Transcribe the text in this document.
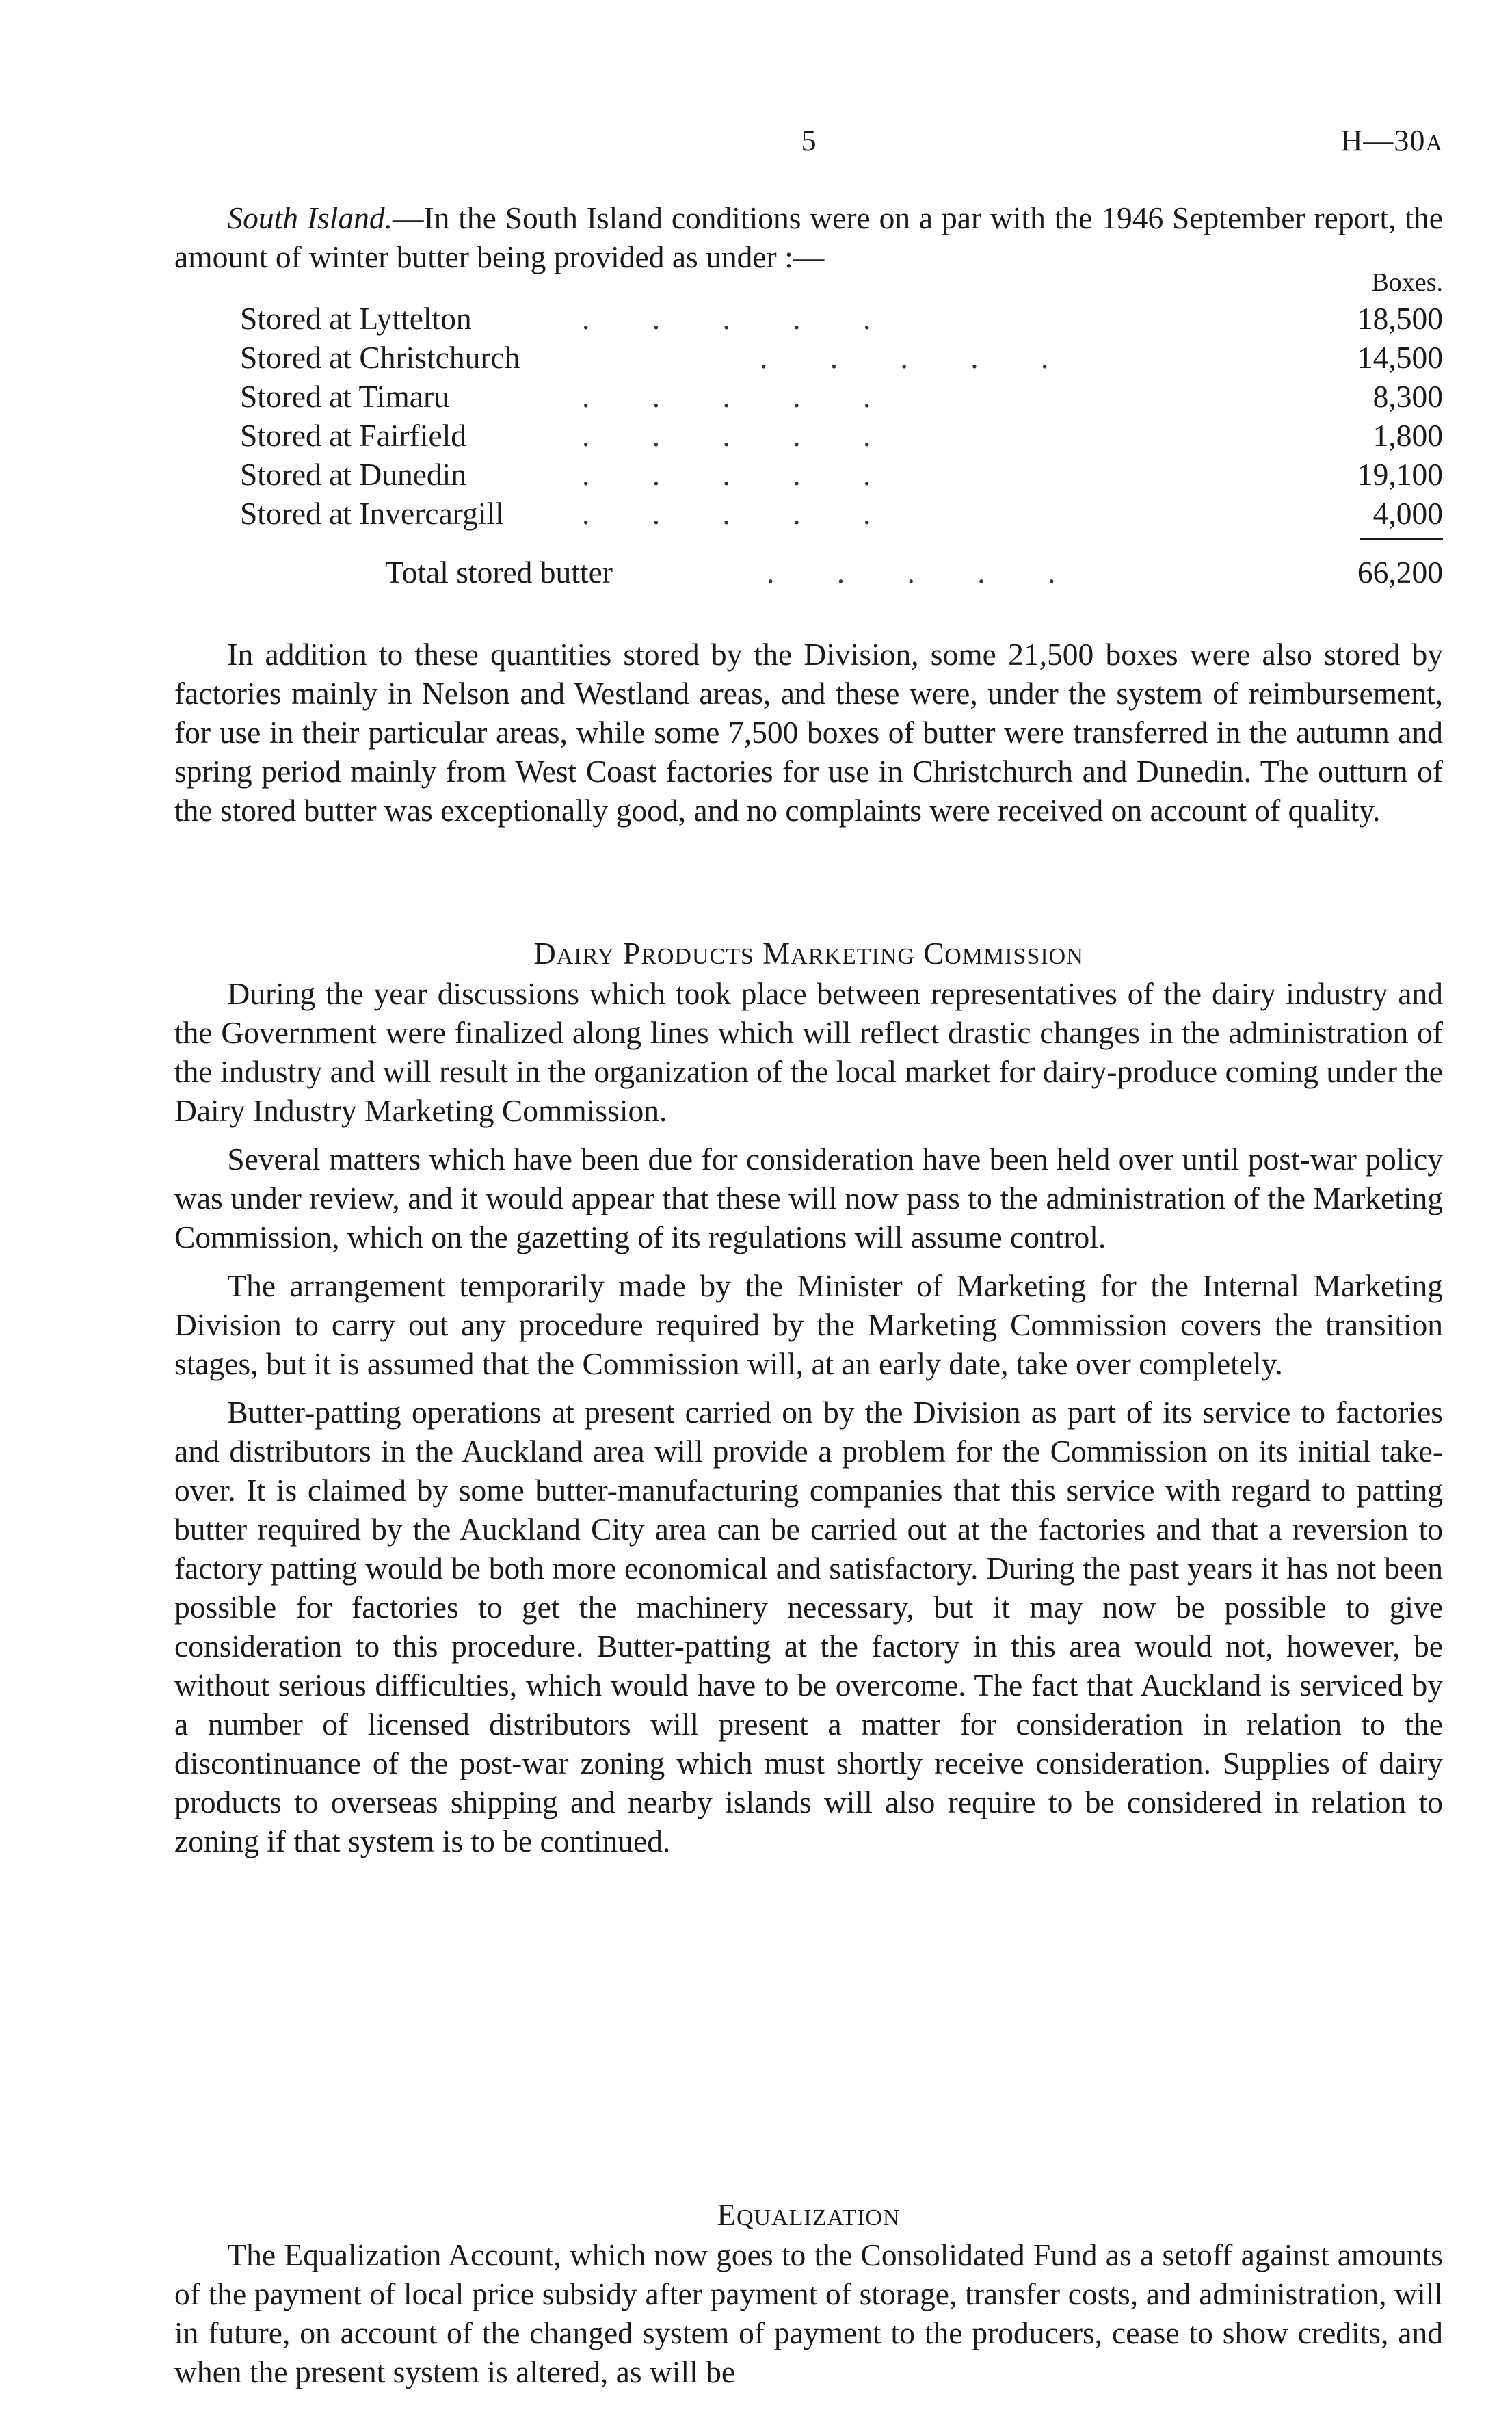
5	H—30A

South Island.—In the South Island conditions were on a par with the 1946 September report, the amount of winter butter being provided as under :—

Boxes.
Stored at Lyttelton	. . . . .	18,500
Stored at Christchurch	. . . . .	14,500
Stored at Timaru	. . . . .	8,300
Stored at Fairfield	. . . . .	1,800
Stored at Dunedin	. . . . .	19,100
Stored at Invercargill	. . . . .	4,000
Total stored butter	. . . . .	66,200

In addition to these quantities stored by the Division, some 21,500 boxes were also stored by factories mainly in Nelson and Westland areas, and these were, under the system of reimbursement, for use in their particular areas, while some 7,500 boxes of butter were transferred in the autumn and spring period mainly from West Coast factories for use in Christchurch and Dunedin. The outturn of the stored butter was exceptionally good, and no complaints were received on account of quality.

DAIRY PRODUCTS MARKETING COMMISSION

During the year discussions which took place between representatives of the dairy industry and the Government were finalized along lines which will reflect drastic changes in the administration of the industry and will result in the organization of the local market for dairy-produce coming under the Dairy Industry Marketing Commission.

Several matters which have been due for consideration have been held over until post-war policy was under review, and it would appear that these will now pass to the administration of the Marketing Commission, which on the gazetting of its regulations will assume control.

The arrangement temporarily made by the Minister of Marketing for the Internal Marketing Division to carry out any procedure required by the Marketing Commission covers the transition stages, but it is assumed that the Commission will, at an early date, take over completely.

Butter-patting operations at present carried on by the Division as part of its service to factories and distributors in the Auckland area will provide a problem for the Commission on its initial take-over. It is claimed by some butter-manufacturing companies that this service with regard to patting butter required by the Auckland City area can be carried out at the factories and that a reversion to factory patting would be both more economical and satisfactory. During the past years it has not been possible for factories to get the machinery necessary, but it may now be possible to give consideration to this procedure. Butter-patting at the factory in this area would not, however, be without serious difficulties, which would have to be overcome. The fact that Auckland is serviced by a number of licensed distributors will present a matter for consideration in relation to the discontinuance of the post-war zoning which must shortly receive consideration. Supplies of dairy products to overseas shipping and nearby islands will also require to be considered in relation to zoning if that system is to be continued.

EQUALIZATION

The Equalization Account, which now goes to the Consolidated Fund as a setoff against amounts of the payment of local price subsidy after payment of storage, transfer costs, and administration, will in future, on account of the changed system of payment to the producers, cease to show credits, and when the present system is altered, as will be
